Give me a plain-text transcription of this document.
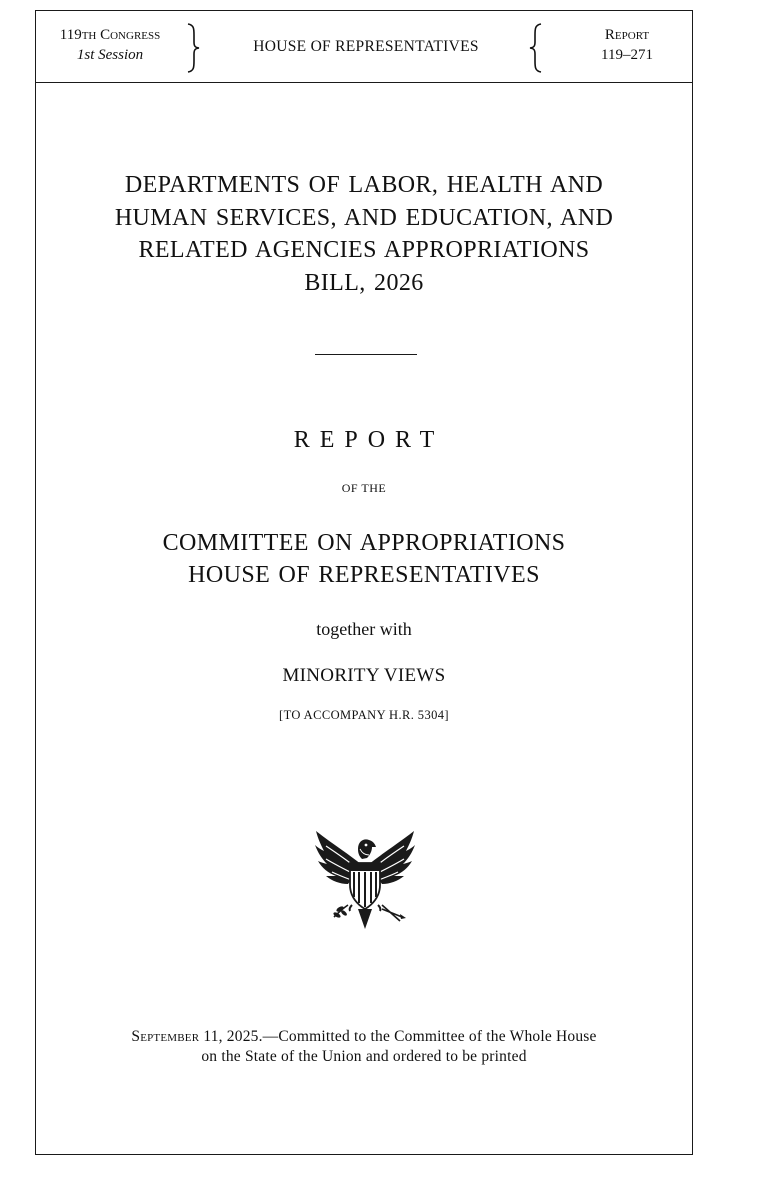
119th Congress
1st Session	HOUSE OF REPRESENTATIVES
Report
119–271
DEPARTMENTS OF LABOR, HEALTH AND
HUMAN SERVICES, AND EDUCATION, AND
RELATED AGENCIES APPROPRIATIONS
BILL, 2026
REPORT
OF THE
COMMITTEE ON APPROPRIATIONS
HOUSE OF REPRESENTATIVES
together with
MINORITY VIEWS
[TO ACCOMPANY H.R. 5304]
September 11, 2025.—Committed to the Committee of the Whole House
on the State of the Union and ordered to be printed
